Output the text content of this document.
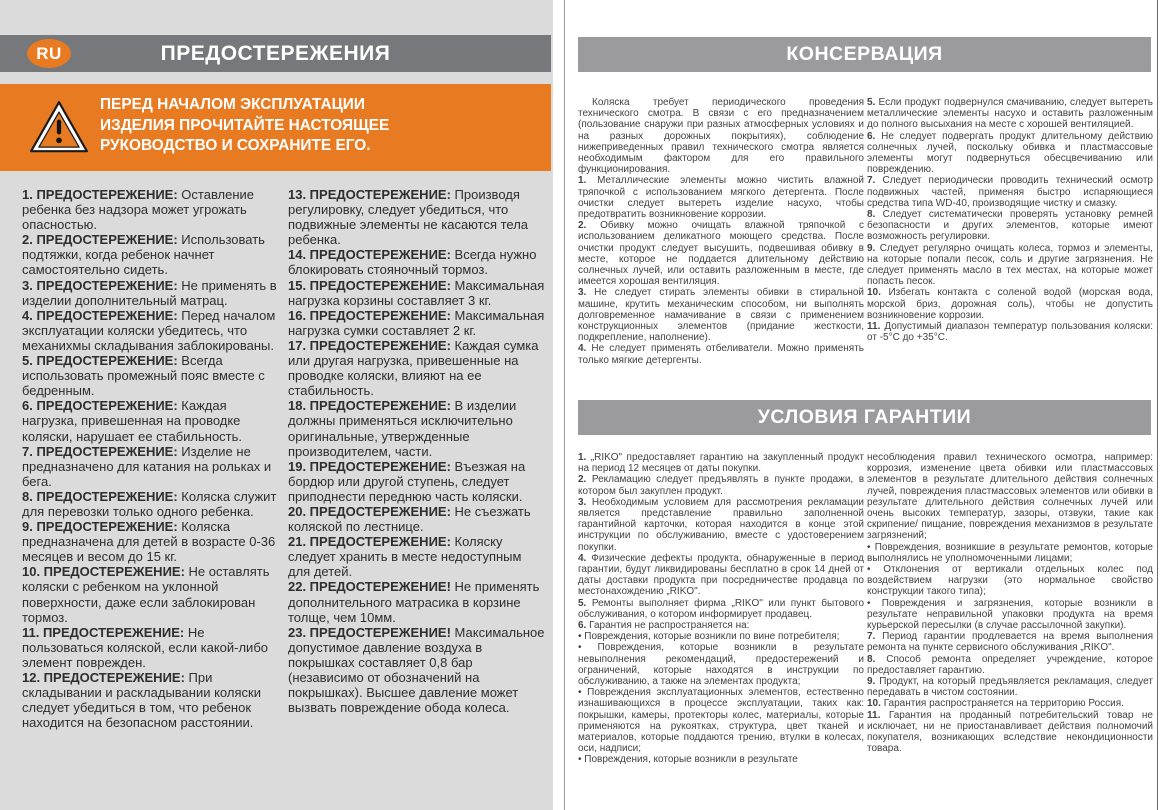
RU	ПРЕДОСТЕРЕЖЕНИЯ
ПЕРЕД НАЧАЛОМ ЭКСПЛУАТАЦИИ ИЗДЕЛИЯ ПРОЧИТАЙТЕ НАСТОЯЩЕЕ РУКОВОДСТВО И СОХРАНИТЕ ЕГО.

1. ПРЕДОСТЕРЕЖЕНИЕ: Оставление ребенка без надзора может угрожать опасностью.

2. ПРЕДОСТЕРЕЖЕНИЕ: Использовать подтяжки, когда ребенок начнет самостоятельно сидеть.

3. ПРЕДОСТЕРЕЖЕНИЕ: Не применять в изделии дополнительный матрац.

4. ПРЕДОСТЕРЕЖЕНИЕ: Перед началом эксплуатации коляски убедитесь, что механихмы складывания заблокированы.

5. ПРЕДОСТЕРЕЖЕНИЕ: Всегда использовать промежный пояс вместе с бедренным.

6. ПРЕДОСТЕРЕЖЕНИЕ: Каждая нагрузка, привешенная на проводке коляски, нарушает ее стабильность.

7. ПРЕДОСТЕРЕЖЕНИЕ: Изделие не предназначено для катания на рольках и бега.

8. ПРЕДОСТЕРЕЖЕНИЕ: Коляска служит для перевозки только одного ребенка.

9. ПРЕДОСТЕРЕЖЕНИЕ: Коляска предназначена для детей в возрасте 0-36 месяцев и весом до 15 кг.

10. ПРЕДОСТЕРЕЖЕНИЕ: Не оставлять коляски с ребенком на уклонной поверхности, даже если заблокирован тормоз.

11. ПРЕДОСТЕРЕЖЕНИЕ: Не пользоваться коляской, если какой-либо элемент поврежден.

12. ПРЕДОСТЕРЕЖЕНИЕ: При складывании и раскладывании коляски следует убедиться в том, что ребенок находится на безопасном расстоянии.

13. ПРЕДОСТЕРЕЖЕНИЕ: Производя регулировку, следует убедиться, что подвижные элементы не касаются тела ребенка.

14. ПРЕДОСТЕРЕЖЕНИЕ: Всегда нужно блокировать стояночный тормоз.

15. ПРЕДОСТЕРЕЖЕНИЕ: Максимальная нагрузка корзины составляет 3 кг.

16. ПРЕДОСТЕРЕЖЕНИЕ: Максимальная нагрузка сумки составляет 2 кг.

17. ПРЕДОСТЕРЕЖЕНИЕ: Каждая сумка или другая нагрузка, привешенные на проводке коляски, влияют на ее стабильность.

18. ПРЕДОСТЕРЕЖЕНИЕ: В изделии должны применяться исключительно оригинальные, утвержденные производителем, части.

19. ПРЕДОСТЕРЕЖЕНИЕ: Въезжая на бордюр или другой ступень, следует приподнести переднюю часть коляски.

20. ПРЕДОСТЕРЕЖЕНИЕ: Не съезжать коляской по лестнице.

21. ПРЕДОСТЕРЕЖЕНИЕ: Коляску следует хранить в месте недоступным для детей.

22. ПРЕДОСТЕРЕЖЕНИЕ! Не применять дополнительного матрасика в корзине толще, чем 10мм.

23. ПРЕДОСТЕРЕЖЕНИЕ! Максимальное допустимое давление воздуха в покрышках составляет 0,8 бар (независимо от обозначений на покрышках). Высшее давление может вызвать повреждение обода колеса.

КОНСЕРВАЦИЯ

Коляска требует периодического проведения технического смотра. В связи с его предназначением (пользование снаружи при разных атмосферных условиях и на разных дорожных покрытиях), соблюдение нижеприведенных правил технического смотра является необходимым фактором для его правильного функционирования.

1. Металлические элементы можно чистить влажной тряпочкой с использованием мягкого детергента. После очистки следует вытереть изделие насухо, чтобы предотвратить возникновение коррозии.

2. Обивку можно очищать влажной тряпочкой с использованием деликатного моющего средства. После очистки продукт следует высушить, подвешивая обивку в месте, которое не поддается длительному действию солнечных лучей, или оставить разложенным в месте, где имеется хорошая вентиляция.

3. Не следует стирать элементы обивки в стиральной машине, крутить механическим способом, ни выполнять долговременное намачивание в связи с применением конструкционных элементов (придание жесткости, подкрепление, наполнение).

4. Не следует применять отбеливатели. Можно применять только мягкие детергенты.

5. Если продукт подвернулся смачиванию, следует вытереть металлические элементы насухо и оставить разложенным до полного высыхания на месте с хорошей вентиляцией.

6. Не следует подвергать продукт длительному действию солнечных лучей, поскольку обивка и пластмассовые элементы могут подвернуться обесцвечиванию или повреждению.

7. Следует периодически проводить технический осмотр подвижных частей, применяя быстро испаряющиеся средства типа WD-40, производящие чистку и смазку.

8. Следует систематически проверять установку ремней безопасности и других элементов, которые имеют возможность регулировки.

9. Следует регулярно очищать колеса, тормоз и элементы, на которые попали песок, соль и другие загрязнения. Не следует применять масло в тех местах, на которые может попасть песок.

10. Избегать контакта с соленой водой (морская вода, морской бриз, дорожная соль), чтобы не допустить возникновение коррозии.

11. Допустимый диапазон температур пользования коляски: от -5°C до +35°C.

УСЛОВИЯ ГАРАНТИИ

1. „RIKO" предоставляет гарантию на закупленный продукт на период 12 месяцев от даты покупки.

2. Рекламацию следует предъявлять в пункте продажи, в котором был закуплен продукт.

3. Необходимым условием для рассмотрения рекламации является представление правильно заполненной гарантийной карточки, которая находится в конце этой инструкции по обслуживанию, вместе с удостоверением покупки.

4. Физические дефекты продукта, обнаруженные в период гарантии, будут ликвидированы бесплатно в срок 14 дней от даты доставки продукта при посредничестве продавца по местонахождению „RIKO".

5. Ремонты выполняет фирма „RIKO" или пункт бытового обслуживания, о котором информирует продавец.

6. Гарантия не распространяется на:

• Повреждения, которые возникли по вине потребителя;

• Повреждения, которые возникли в результате невыполнения рекомендаций, предостережений и ограничений, которые находятся в инструкции по обслуживанию, а также на элементах продукта;

• Повреждения эксплуатационных элементов, естественно изнашивающихся в процессе эксплуатации, таких как: покрышки, камеры, протекторы колес, материалы, которые применяются на рукоятках, структура, цвет тканей и материалов, которые поддаются трению, втулки в колесах, оси, надписи;

• Повреждения, которые возникли в результате

несоблюдения правил технического осмотра, например: коррозия, изменение цвета обивки или пластмассовых элементов в результате длительного действия солнечных лучей, повреждения пластмассовых элементов или обивки в результате длительного действия солнечных лучей или очень высоких температур, зазоры, отзвуки, такие как скрипение/ пищание, повреждения механизмов в результате загрязнений;

• Повреждения, возникшие в результате ремонтов, которые выполнялись не уполномоченными лицами;

• Отклонения от вертикали отдельных колес под воздействием нагрузки (это нормальное свойство конструкции такого типа);

• Повреждения и загрязнения, которые возникли в результате неправильной упаковки продукта на время курьерской пересылки (в случае рассылочной закупки).

7. Период гарантии продлевается на время выполнения ремонта на пункте сервисного обслуживания „RIKO".

8. Способ ремонта определяет учреждение, которое предоставляет гарантию.

9. Продукт, на который предъявляется рекламация, следует передавать в чистом состоянии.

10. Гарантия распространяется на территорию Россия.

11. Гарантия на проданный потребительский товар не исключает, ни не приостанавливает действия полномочий покупателя, возникающих вследствие некондиционности товара.
